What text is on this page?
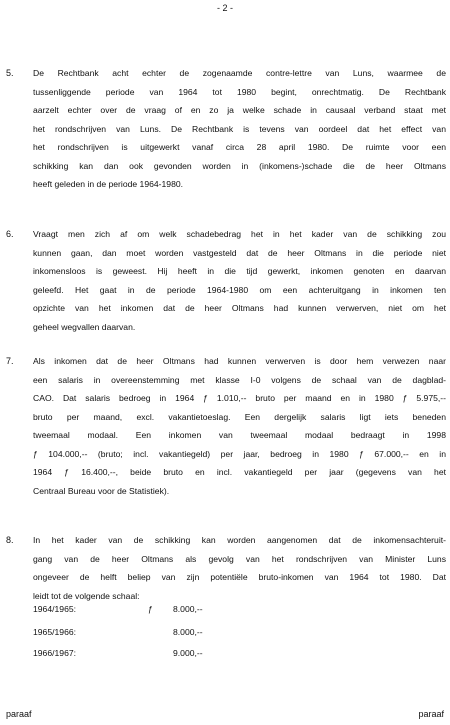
- 2 -
5. De Rechtbank acht echter de zogenaamde contre-lettre van Luns, waarmee de
tussenliggende periode van 1964 tot 1980 begint, onrechtmatig. De Rechtbank
aarzelt echter over de vraag of en zo ja welke schade in causaal verband staat met
het rondschrijven van Luns. De Rechtbank is tevens van oordeel dat het effect van
het rondschrijven is uitgewerkt vanaf circa 28 april 1980. De ruimte voor een
schikking kan dan ook gevonden worden in (inkomens-)schade die de heer Oltmans
heeft geleden in de periode 1964-1980.
6. Vraagt men zich af om welk schadebedrag het in het kader van de schikking zou
kunnen gaan, dan moet worden vastgesteld dat de heer Oltmans in die periode niet
inkomensloos is geweest. Hij heeft in die tijd gewerkt, inkomen genoten en daarvan
geleefd. Het gaat in de periode 1964-1980 om een achteruitgang in inkomen ten
opzichte van het inkomen dat de heer Oltmans had kunnen verwerven, niet om het
geheel wegvallen daarvan.
7. Als inkomen dat de heer Oltmans had kunnen verwerven is door hem verwezen naar
een salaris in overeenstemming met klasse I-0 volgens de schaal van de dagblad-
CAO. Dat salaris bedroeg in 1964 ƒ 1.010,-- bruto per maand en in 1980 ƒ 5.975,--
bruto per maand, excl. vakantietoeslag. Een dergelijk salaris ligt iets beneden
tweemaal modaal. Een inkomen van tweemaal modaal bedraagt in 1998
ƒ 104.000,-- (bruto; incl. vakantiegeld) per jaar, bedroeg in 1980 ƒ 67.000,-- en in
1964 ƒ 16.400,--, beide bruto en incl. vakantiegeld per jaar (gegevens van het
Centraal Bureau voor de Statistiek).
8. In het kader van de schikking kan worden aangenomen dat de inkomensachteruit-
gang van de heer Oltmans als gevolg van het rondschrijven van Minister Luns
ongeveer de helft beliep van zijn potentiële bruto-inkomen van 1964 tot 1980. Dat
leidt tot de volgende schaal:
1964/1965:	ƒ 8.000,--
1965/1966:	8.000,--
1966/1967:	9.000,--
paraaf	paraaf
